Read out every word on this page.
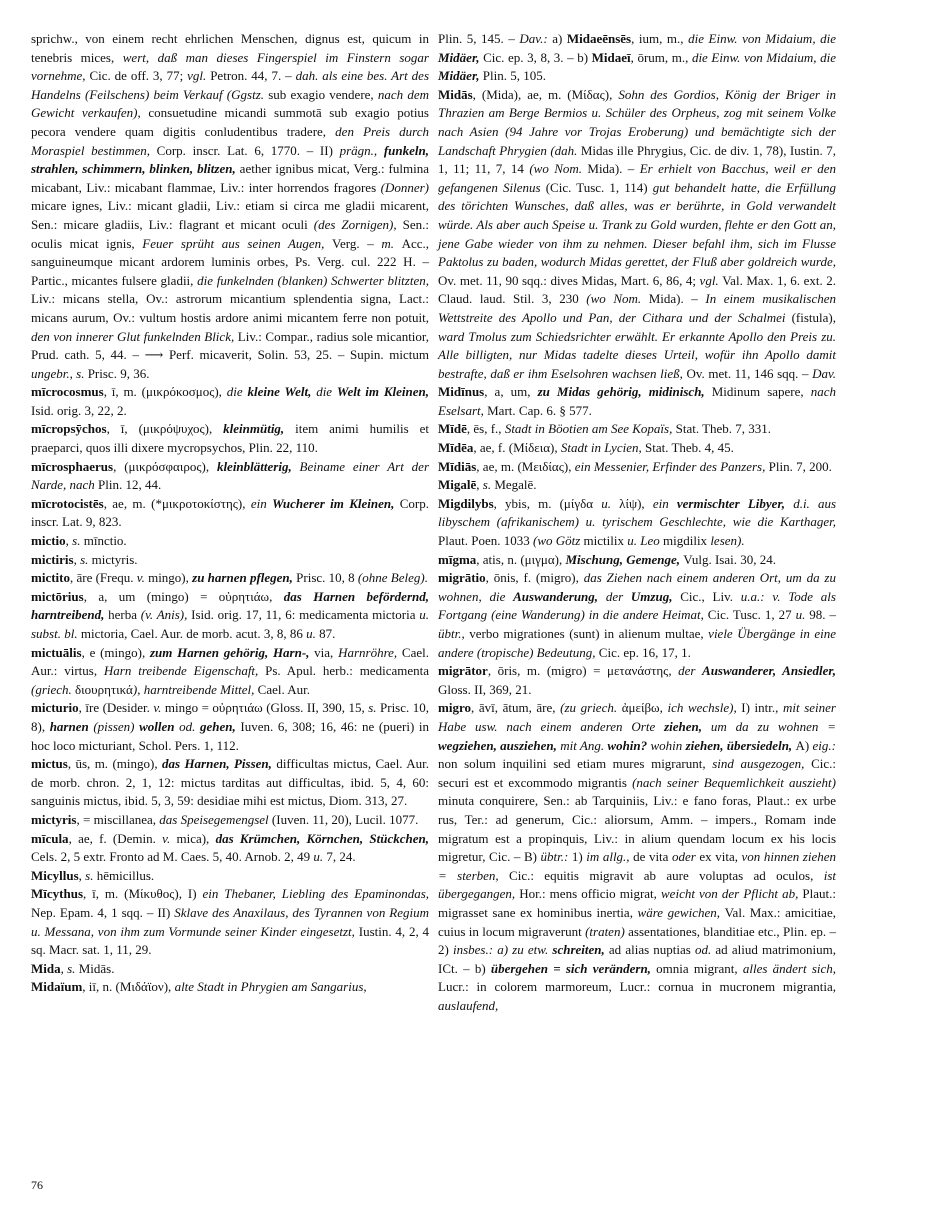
sprichw., von einem recht ehrlichen Menschen, dignus est, quicum in tenebris mices, wert, daß man dieses Fingerspiel im Finstern sogar vornehme, Cic. de off. 3, 77; vgl. Petron. 44, 7. – dah. als eine bes. Art des Handelns (Feilschens) beim Verkauf (Ggstz. sub exagio vendere, nach dem Gewicht verkaufen), consuetudine micandi summotā sub exagio potius pecora vendere quam digitis conludentibus tradere, den Preis durch Moraspiel bestimmen, Corp. inscr. Lat. 6, 1770. – II) prägn., funkeln, strahlen, schimmern, blinken, blitzen, aether ignibus micat, Verg.: fulmina micabant, Liv.: micabant flammae, Liv.: inter horrendos fragores (Donner) micare ignes, Liv.: micant gladii, Liv.: etiam si circa me gladii micarent, Sen.: micare gladiis, Liv.: flagrant et micant oculi (des Zornigen), Sen.: oculis micat ignis, Feuer sprüht aus seinen Augen, Verg. – m. Acc., sanguineumque micant ardorem luminis orbes, Ps. Verg. cul. 222 H. – Partic., micantes fulsere gladii, die funkelnden (blanken) Schwerter blitzten, Liv.: micans stella, Ov.: astrorum micantium splendentia signa, Lact.: micans aurum, Ov.: vultum hostis ardore animi micantem ferre non potuit, den von innerer Glut funkelnden Blick, Liv.: Compar., radius sole micantior, Prud. cath. 5, 44. – ⟶ Perf. micaverit, Solin. 53, 25. – Supin. mictum ungebr., s. Prisc. 9, 36.

mīcrocosmus, ī, m. (μικρόκοσμος), die kleine Welt, die Welt im Kleinen, Isid. orig. 3, 22, 2.

mīcropsȳchos, ī, (μικρόψυχος), kleinmütig, item animi humilis et praeparci, quos illi dixere mycropsychos, Plin. 22, 110.

mīcrosphaerus, (μικρόσφαιρος), kleinblätterig, Beiname einer Art der Narde, nach Plin. 12, 44.

mīcrotocistēs, ae, m. (*μικροτοκίστης), ein Wucherer im Kleinen, Corp. inscr. Lat. 9, 823.

mictio, s. mīnctio.

mictiris, s. mictyris.

mictito, āre (Frequ. v. mingo), zu harnen pflegen, Prisc. 10, 8 (ohne Beleg).

mictōrius, a, um (mingo) = οὐρητιάω, das Harnen befördernd, harntreibend, herba (v. Anis), Isid. orig. 17, 11, 6: medicamenta mictoria u. subst. bl. mictoria, Cael. Aur. de morb. acut. 3, 8, 86 u. 87.

mictuālis, e (mingo), zum Harnen gehörig, Harn-, via, Harnröhre, Cael. Aur.: virtus, Harn treibende Eigenschaft, Ps. Apul. herb.: medicamenta (griech. διουρητικά), harntreibende Mittel, Cael. Aur.

micturio, īre (Desider. v. mingo = οὐρητιάω (Gloss. II, 390, 15, s. Prisc. 10, 8), harnen (pissen) wollen od. gehen, Iuven. 6, 308; 16, 46: ne (pueri) in hoc loco micturiant, Schol. Pers. 1, 112.

mictus, ūs, m. (mingo), das Harnen, Pissen, difficultas mictus, Cael. Aur. de morb. chron. 2, 1, 12: mictus tarditas aut difficultas, ibid. 5, 4, 60: sanguinis mictus, ibid. 5, 3, 59: desidiae mihi est mictus, Diom. 313, 27.

mictyris, = miscillanea, das Speisegemengsel (Iuven. 11, 20), Lucil. 1077.

mīcula, ae, f. (Demin. v. mica), das Krümchen, Körnchen, Stückchen, Cels. 2, 5 extr. Fronto ad M. Caes. 5, 40. Arnob. 2, 49 u. 7, 24.

Micyllus, s. hēmicillus.

Mīcythus, ī, m. (Μίκυθος), I) ein Thebaner, Liebling des Epaminondas, Nep. Epam. 4, 1 sqq. – II) Sklave des Anaxilaus, des Tyrannen von Regium u. Messana, von ihm zum Vormunde seiner Kinder eingesetzt, Iustin. 4, 2, 4 sq. Macr. sat. 1, 11, 29.

Mida, s. Midās.

Midaïum, iī, n. (Μιδάϊον), alte Stadt in Phrygien am Sangarius,

Plin. 5, 145. – Dav.: a) Midaeēnsēs, ium, m., die Einw. von Midaium, die Midäer, Cic. ep. 3, 8, 3. – b) Midaeī, ōrum, m., die Einw. von Midaium, die Midäer, Plin. 5, 105.

Midās, (Mida), ae, m. (Μίδας), Sohn des Gordios, König der Briger in Thrazien am Berge Bermios u. Schüler des Orpheus, zog mit seinem Volke nach Asien (94 Jahre vor Trojas Eroberung) und bemächtigte sich der Landschaft Phrygien (dah. Midas ille Phrygius, Cic. de div. 1, 78), Iustin. 7, 1, 11; 11, 7, 14 (wo Nom. Mida). – Er erhielt von Bacchus, weil er den gefangenen Silenus (Cic. Tusc. 1, 114) gut behandelt hatte, die Erfüllung des törichten Wunsches, daß alles, was er berührte, in Gold verwandelt würde. Als aber auch Speise u. Trank zu Gold wurden, flehte er den Gott an, jene Gabe wieder von ihm zu nehmen. Dieser befahl ihm, sich im Flusse Paktolus zu baden, wodurch Midas gerettet, der Fluß aber goldreich wurde, Ov. met. 11, 90 sqq.: dives Midas, Mart. 6, 86, 4; vgl. Val. Max. 1, 6. ext. 2. Claud. laud. Stil. 3, 230 (wo Nom. Mida). – In einem musikalischen Wettstreite des Apollo und Pan, der Cithara und der Schalmei (fistula), ward Tmolus zum Schiedsrichter erwählt. Er erkannte Apollo den Preis zu. Alle billigten, nur Midas tadelte dieses Urteil, wofür ihn Apollo damit bestrafte, daß er ihm Eselsohren wachsen ließ, Ov. met. 11, 146 sqq. – Dav. Midīnus, a, um, zu Midas gehörig, midinisch, Midinum sapere, nach Eselsart, Mart. Cap. 6. § 577.

Mīdē, ēs, f., Stadt in Böotien am See Kopaïs, Stat. Theb. 7, 331.

Mīdēa, ae, f. (Μίδεια), Stadt in Lycien, Stat. Theb. 4, 45.

Mīdiās, ae, m. (Μειδίας), ein Messenier, Erfinder des Panzers, Plin. 7, 200.

Migalē, s. Megalē.

Migdilybs, ybis, m. (μίγδα u. λίψ), ein vermischter Libyer, d.i. aus libyschem (afrikanischem) u. tyrischem Geschlechte, wie die Karthager, Plaut. Poen. 1033 (wo Götz mictilix u. Leo migdilix lesen).

mīgma, atis, n. (μιγμα), Mischung, Gemenge, Vulg. Isai. 30, 24.

migrātio, ōnis, f. (migro), das Ziehen nach einem anderen Ort, um da zu wohnen, die Auswanderung, der Umzug, Cic., Liv. u.a.: v. Tode als Fortgang (eine Wanderung) in die andere Heimat, Cic. Tusc. 1, 27 u. 98. – übtr., verbo migrationes (sunt) in alienum multae, viele Übergänge in eine andere (tropische) Bedeutung, Cic. ep. 16, 17, 1.

migrātor, ōris, m. (migro) = μετανάστης, der Auswanderer, Ansiedler, Gloss. II, 369, 21.

migro, āvī, ātum, āre, (zu griech. ἀμείβω, ich wechsle), I) intr., mit seiner Habe usw. nach einem anderen Orte ziehen, um da zu wohnen = wegziehen, ausziehen, mit Ang. wohin? wohin ziehen, übersiedeln, A) eig.: non solum inquilini sed etiam mures migrarunt, sind ausgezogen, Cic.: securi est et excommodo migrantis (nach seiner Bequemlichkeit auszieht) minuta conquirere, Sen.: ab Tarquiniis, Liv.: e fano foras, Plaut.: ex urbe rus, Ter.: ad generum, Cic.: aliorsum, Amm. – impers., Romam inde migratum est a propinquis, Liv.: in alium quendam locum ex his locis migretur, Cic. – B) übtr.: 1) im allg., de vita oder ex vita, von hinnen ziehen = sterben, Cic.: equitis migravit ab aure voluptas ad oculos, ist übergegangen, Hor.: mens officio migrat, weicht von der Pflicht ab, Plaut.: migrasset sane ex hominibus inertia, wäre gewichen, Val. Max.: amicitiae, cuius in locum migraverunt (traten) assentationes, blanditiae etc., Plin. ep. – 2) insbes.: a) zu etw. schreiten, ad alias nuptias od. ad aliud matrimonium, ICt. – b) übergehen = sich verändern, omnia migrant, alles ändert sich, Lucr.: in colorem marmoreum, Lucr.: cornua in mucronem migrantia, auslaufend,

76
